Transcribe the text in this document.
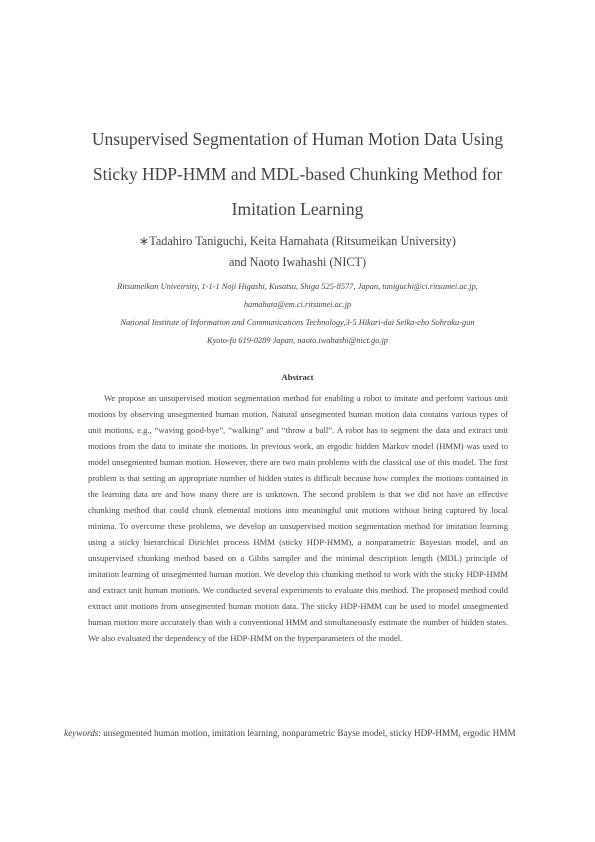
Unsupervised Segmentation of Human Motion Data Using
Sticky HDP-HMM and MDL-based Chunking Method for
Imitation Learning
∗Tadahiro Taniguchi, Keita Hamahata (Ritsumeikan University)
and Naoto Iwahashi (NICT)
Ritsumeikan Univeirsity, 1-1-1 Noji Higashi, Kusatsu, Shiga 525-8577, Japan, taniguchi@ci.ritsumei.ac.jp,
hamahata@em.ci.ritsumei.ac.jp
National Institute of Information and Communications Technology,3-5 Hikari-dai Seika-cho Sohraku-gun
Kyoto-fu 619-0289 Japan, naoto.iwahashi@nict.go.jp
Abstract

We propose an unsupervised motion segmentation method for enabling a robot to imitate and perform various unit motions by observing unsegmented human motion. Natural unsegmented human motion data contains various types of unit motions, e.g., “waving good-bye”, “walking” and “throw a ball”. A robot has to segment the data and extract unit motions from the data to imitate the motions. In previous work, an ergodic hidden Markov model (HMM) was used to model unsegmented human motion. However, there are two main problems with the classical use of this model. The first problem is that setting an appropriate number of hidden states is difficult because how complex the motions contained in the learning data are and how many there are is unknown. The second problem is that we did not have an effective chunking method that could chunk elemental motions into meaningful unit motions without being captured by local minima. To overcome these problems, we develop an unsupervised motion segmentation method for imitation learning using a sticky hierarchical Dirichlet process HMM (sticky HDP-HMM), a nonparametric Bayesian model, and an unsupervised chunking method based on a Gibbs sampler and the minimal description length (MDL) principle of imitation learning of unsegmented human motion. We develop this chunking method to work with the sticky HDP-HMM and extract unit human motions. We conducted several experiments to evaluate this method. The proposed method could extract unit motions from unsegmented human motion data. The sticky HDP-HMM can be used to model unsegmented human motion more accurately than with a conventional HMM and simultaneously estimate the number of hidden states. We also evaluated the dependency of the HDP-HMM on the hyperparameters of the model.

keywords: unsegmented human motion, imitation learning, nonparametric Bayse model, sticky HDP-HMM, ergodic HMM
